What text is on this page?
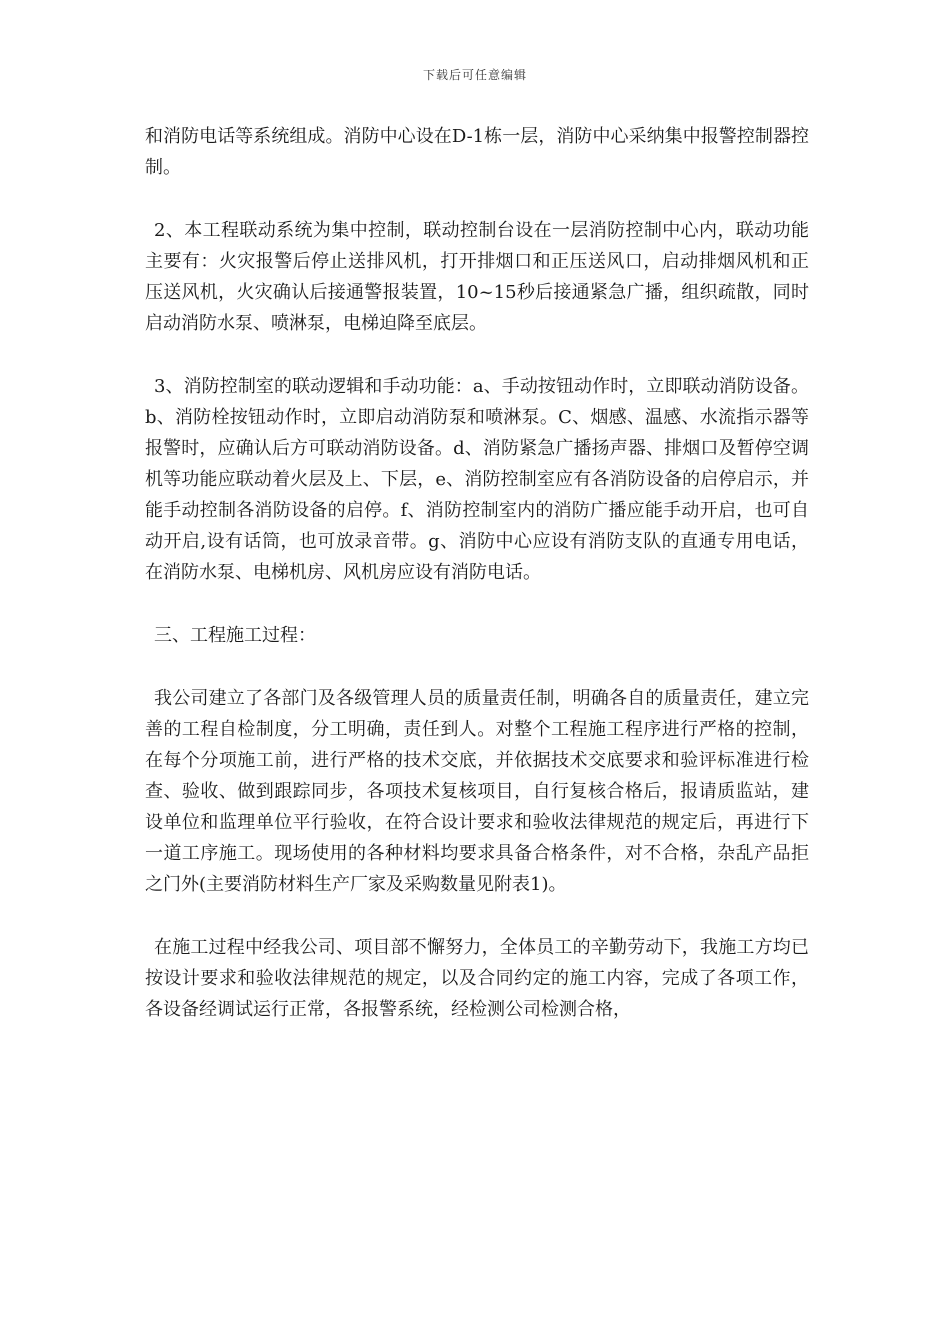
下载后可任意编辑

和消防电话等系统组成。消防中心设在D-1栋一层，消防中心采纳集中报警控制器控制。

2、本工程联动系统为集中控制，联动控制台设在一层消防控制中心内，联动功能主要有：火灾报警后停止送排风机，打开排烟口和正压送风口，启动排烟风机和正压送风机，火灾确认后接通警报装置，10~15秒后接通紧急广播，组织疏散，同时启动消防水泵、喷淋泵，电梯迫降至底层。

3、消防控制室的联动逻辑和手动功能：a、手动按钮动作时，立即联动消防设备。b、消防栓按钮动作时，立即启动消防泵和喷淋泵。C、烟感、温感、水流指示器等报警时，应确认后方可联动消防设备。d、消防紧急广播扬声器、排烟口及暂停空调机等功能应联动着火层及上、下层，e、消防控制室应有各消防设备的启停启示，并能手动控制各消防设备的启停。f、消防控制室内的消防广播应能手动开启，也可自动开启,设有话筒，也可放录音带。g、消防中心应设有消防支队的直通专用电话，在消防水泵、电梯机房、风机房应设有消防电话。

三、工程施工过程：

我公司建立了各部门及各级管理人员的质量责任制，明确各自的质量责任，建立完善的工程自检制度，分工明确，责任到人。对整个工程施工程序进行严格的控制，在每个分项施工前，进行严格的技术交底，并依据技术交底要求和验评标准进行检查、验收、做到跟踪同步，各项技术复核项目，自行复核合格后，报请质监站，建设单位和监理单位平行验收，在符合设计要求和验收法律规范的规定后，再进行下一道工序施工。现场使用的各种材料均要求具备合格条件，对不合格，杂乱产品拒之门外(主要消防材料生产厂家及采购数量见附表1)。

在施工过程中经我公司、项目部不懈努力，全体员工的辛勤劳动下，我施工方均已按设计要求和验收法律规范的规定，以及合同约定的施工内容，完成了各项工作，各设备经调试运行正常，各报警系统，经检测公司检测合格，
